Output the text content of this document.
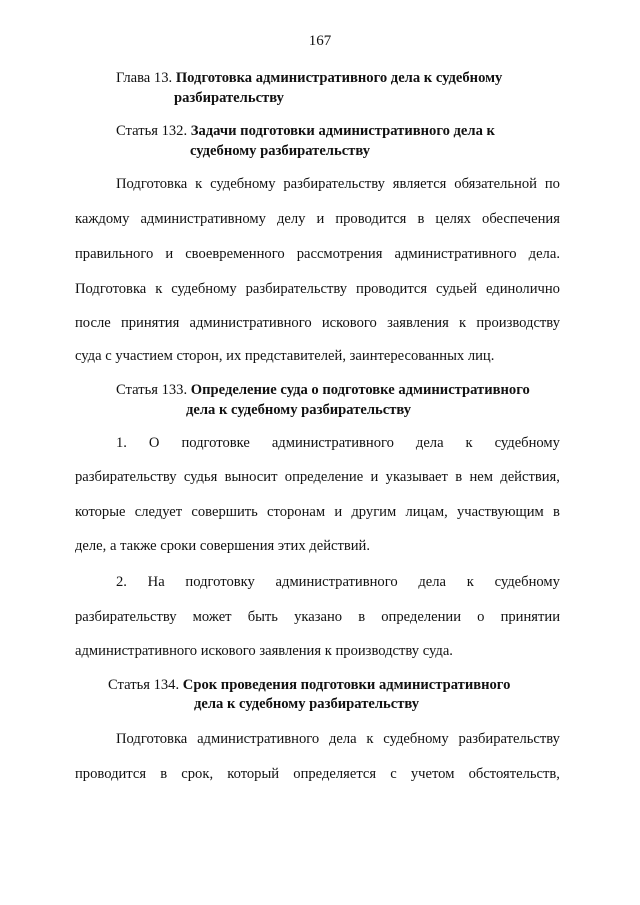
167
Глава 13. Подготовка административного дела к судебному
разбирательству
Статья 132. Задачи подготовки административного дела к
судебному разбирательству
Подготовка к судебному разбирательству является обязательной по
каждому административному делу и проводится в целях обеспечения
правильного и своевременного рассмотрения административного дела.
Подготовка к судебному разбирательству проводится судьей единолично
после принятия административного искового заявления к производству
суда с участием сторон, их представителей, заинтересованных лиц.
Статья 133. Определение суда о подготовке административного
дела к судебному разбирательству
1. О подготовке административного дела к судебному
разбирательству судья выносит определение и указывает в нем действия,
которые следует совершить сторонам и другим лицам, участвующим в
деле, а также сроки совершения этих действий.
2. На подготовку административного дела к судебному
разбирательству может быть указано в определении о принятии
административного искового заявления к производству суда.
Статья 134. Срок проведения подготовки административного
дела к судебному разбирательству
Подготовка административного дела к судебному разбирательству
проводится в срок, который определяется с учетом обстоятельств,
